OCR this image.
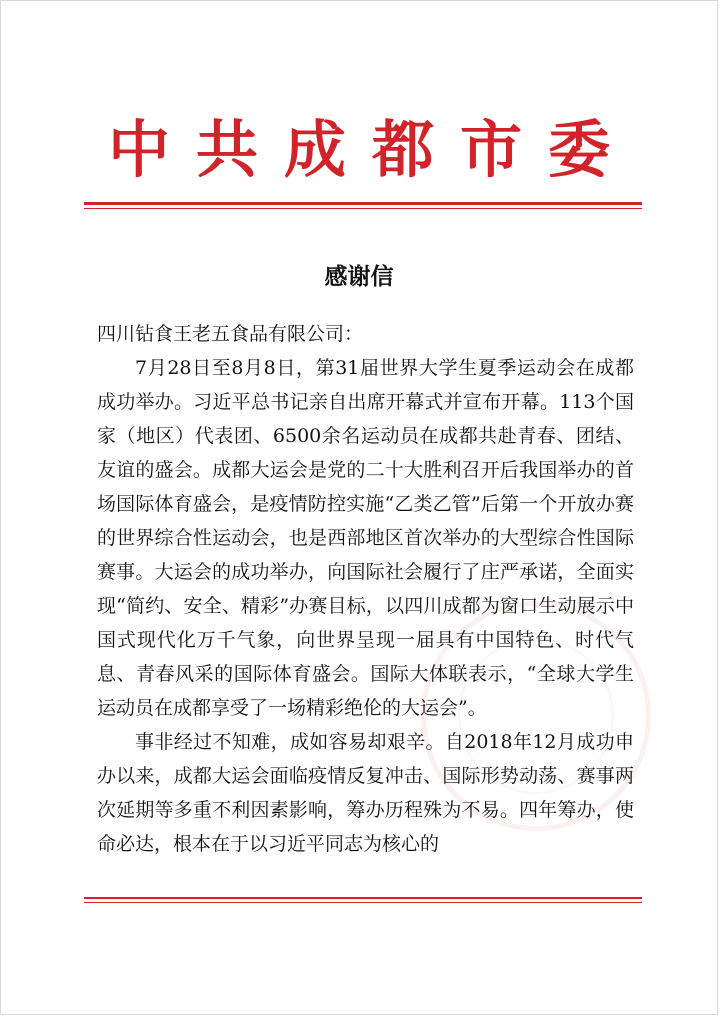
中共成都市委
感谢信

四川钻食王老五食品有限公司：

7月28日至8月8日，第31届世界大学生夏季运动会在成都成功举办。习近平总书记亲自出席开幕式并宣布开幕。113个国家（地区）代表团、6500余名运动员在成都共赴青春、团结、友谊的盛会。成都大运会是党的二十大胜利召开后我国举办的首场国际体育盛会，是疫情防控实施“乙类乙管”后第一个开放办赛的世界综合性运动会，也是西部地区首次举办的大型综合性国际赛事。大运会的成功举办，向国际社会履行了庄严承诺，全面实现“简约、安全、精彩”办赛目标，以四川成都为窗口生动展示中国式现代化万千气象，向世界呈现一届具有中国特色、时代气息、青春风采的国际体育盛会。国际大体联表示，“全球大学生运动员在成都享受了一场精彩绝伦的大运会”。

事非经过不知难，成如容易却艰辛。自2018年12月成功申办以来，成都大运会面临疫情反复冲击、国际形势动荡、赛事两次延期等多重不利因素影响，筹办历程殊为不易。四年筹办，使命必达，根本在于以习近平同志为核心的
